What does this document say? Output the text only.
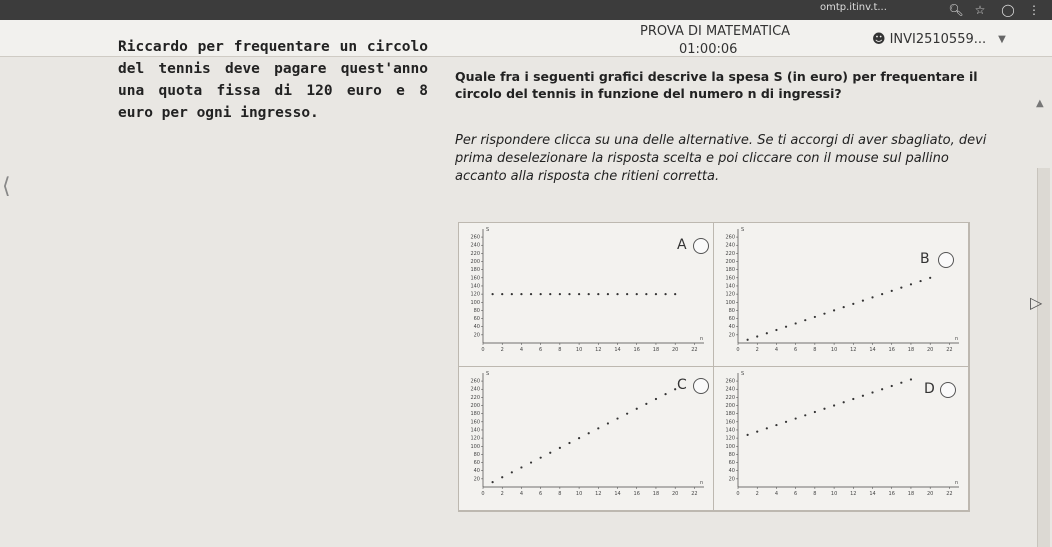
omtp.itinv.t...	🔍︎ ☆ ◯ ⋮
PROVA DI MATEMATICA
01:00:06
☻ INVI2510559... ▼
Riccardo per frequentare un circolo del tennis deve pagare quest'anno una quota fissa di 120 euro e 8 euro per ogni ingresso.
Quale fra i seguenti grafici descrive la spesa S (in euro) per frequentare il circolo del tennis in funzione del numero n di ingressi?
Per rispondere clicca su una delle alternative. Se ti accorgi di aver sbagliato, devi prima deselezionare la risposta scelta e poi cliccare con il mouse sul pallino accanto alla risposta che ritieni corretta.
⟨
▲
▷
S
n
20
40
60
80
100
120
140
160
180
200
220
240
260
0	2	4	6	8	10	12	14	16	18	20	22
A
S
n
20
40
60
80
100
120
140
160
180
200
220
240
260
0	2	4	6	8	10	12	14	16	18	20	22
B
S
n
20
40
60
80
100
120
140
160
180
200
220
240
260
0	2	4	6	8	10	12	14	16	18	20	22
C
S
n
20
40
60
80
100
120
140
160
180
200
220
240
260
0	2	4	6	8	10	12	14	16	18	20	22
D
